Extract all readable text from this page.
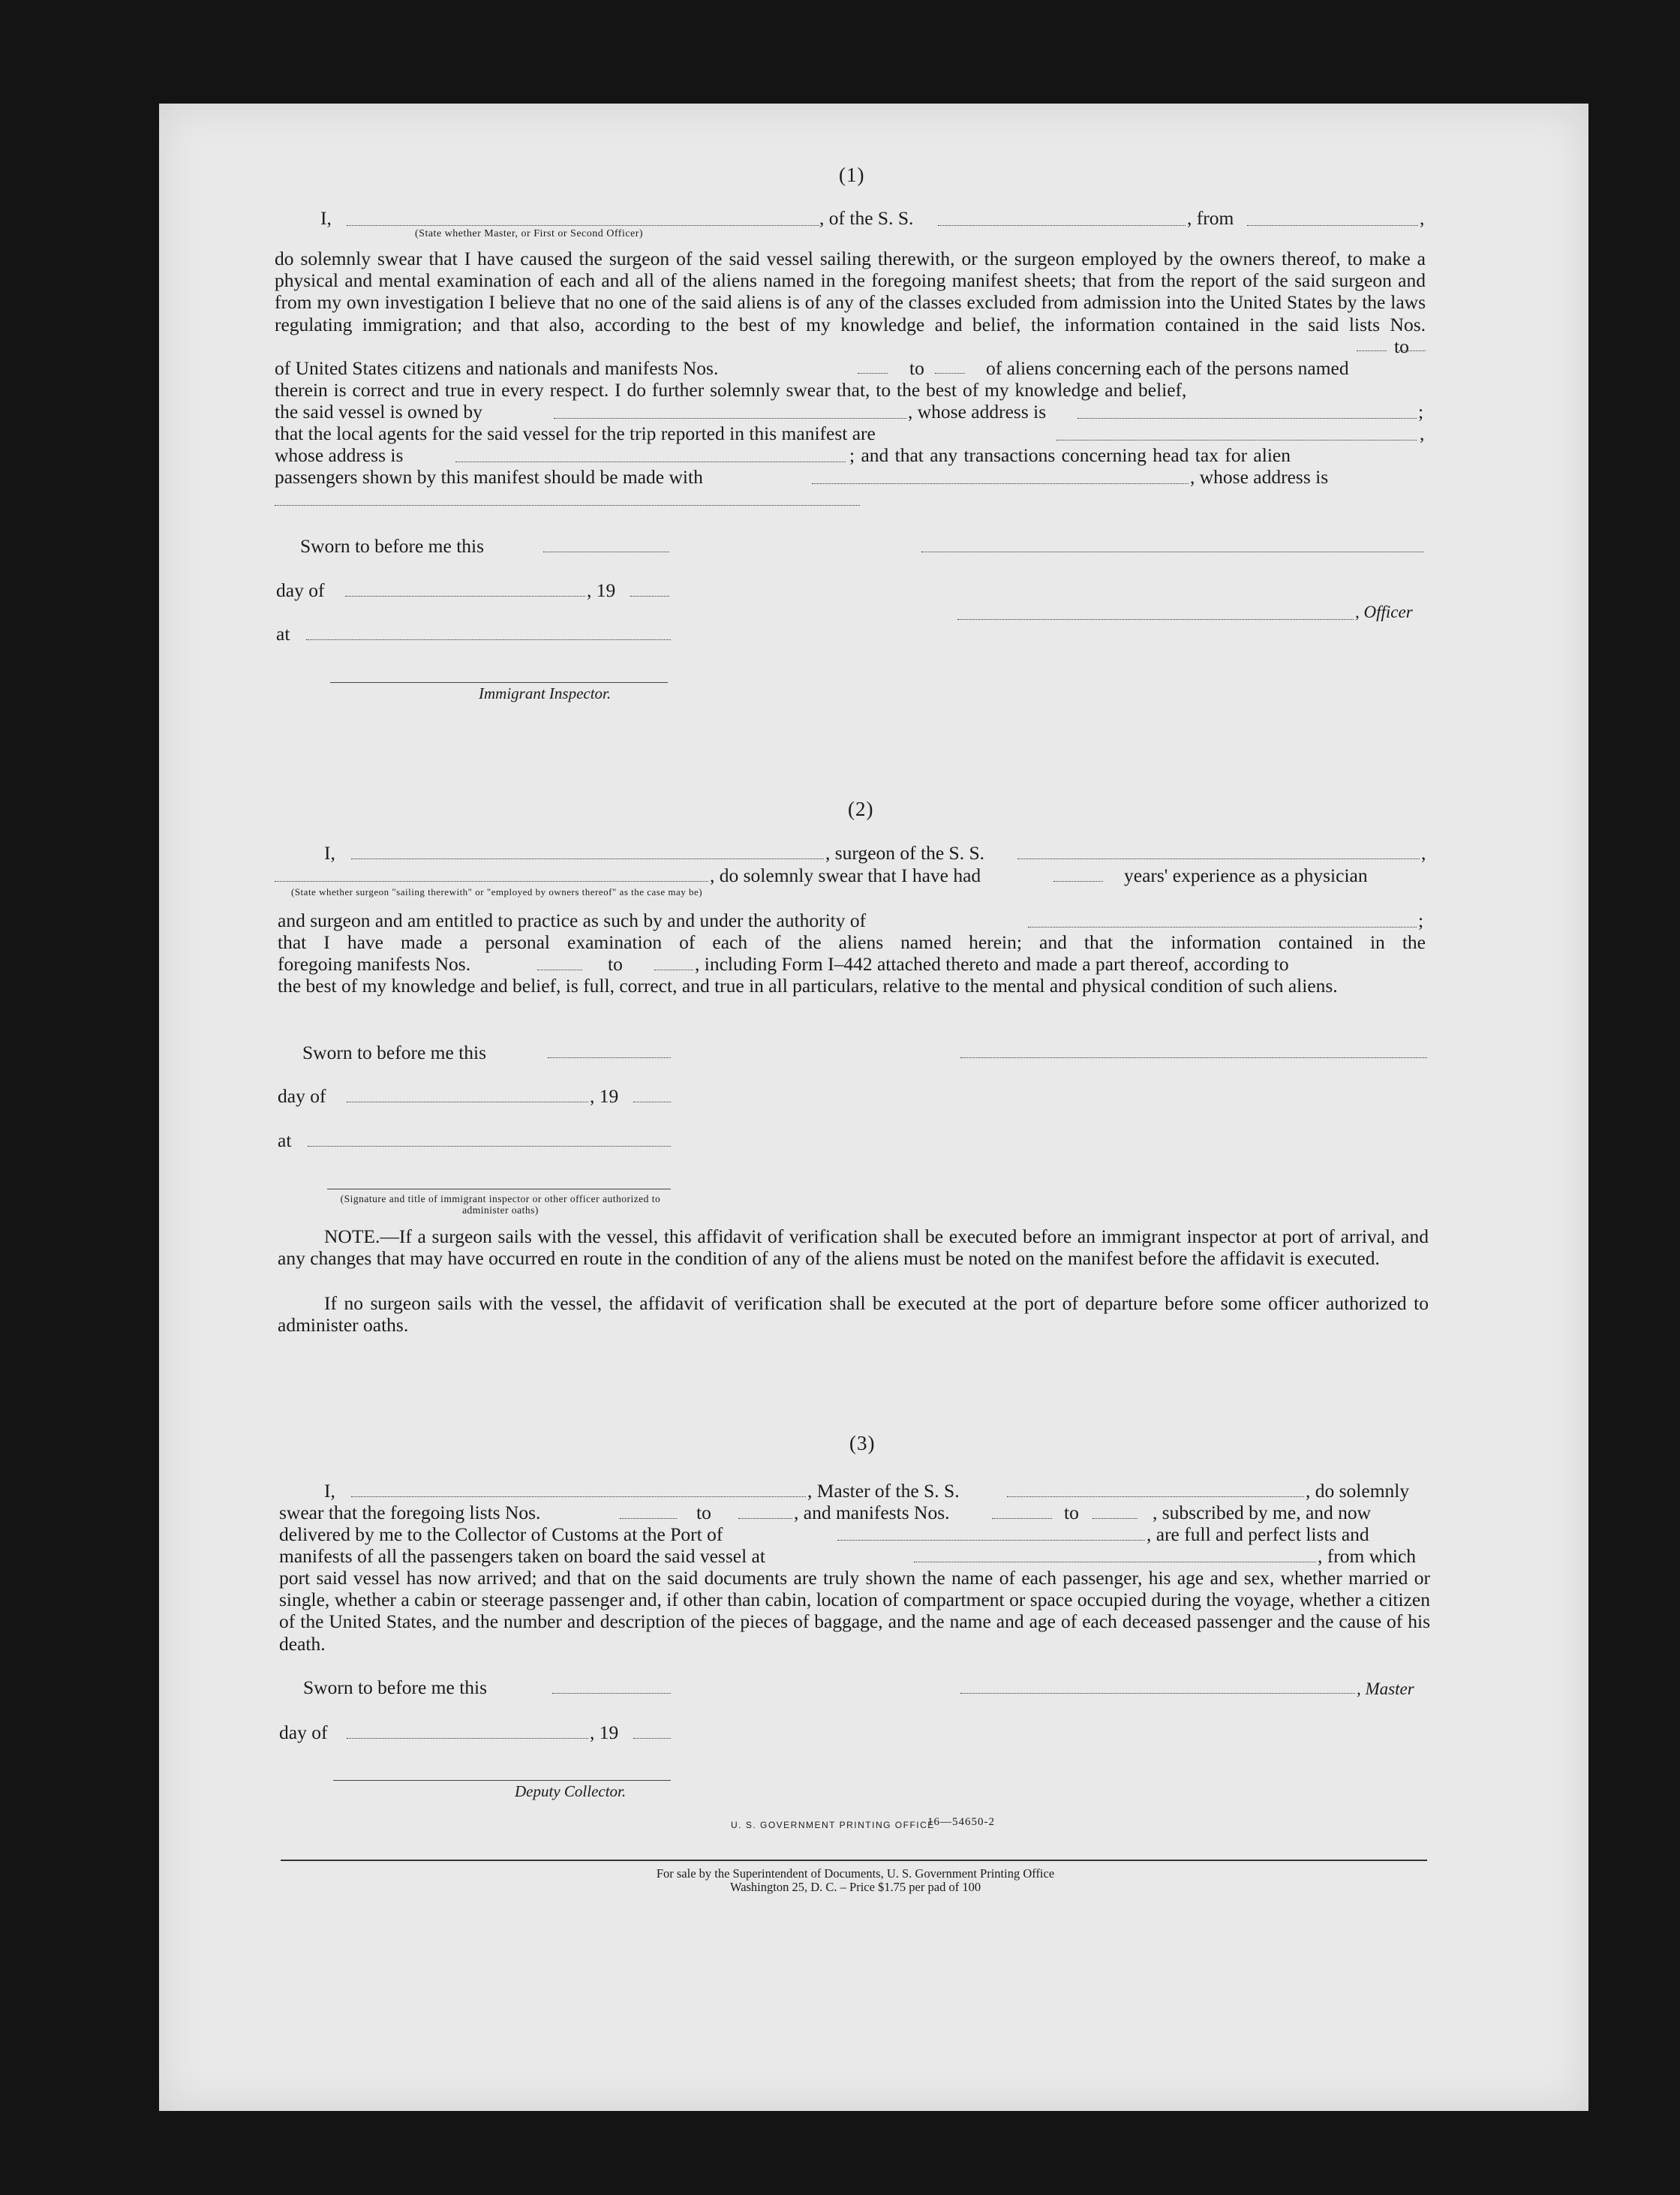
(1)
I,	, of the S. S.	, from	,
(State whether Master, or First or Second Officer)
do solemnly swear that I have caused the surgeon of the said vessel sailing therewith, or the surgeon employed by the owners thereof, to make a physical and mental examination of each and all of the aliens named in the foregoing manifest sheets; that from the report of the said surgeon and from my own investigation I believe that no one of the said aliens is of any of the classes excluded from admission into the United States by the laws regulating immigration; and that also, according to the best of my knowledge and belief, the information contained in the said lists Nos.
to
of United States citizens and nationals and manifests Nos.	to	of aliens concerning each of the persons named
therein is correct and true in every respect. I do further solemnly swear that, to the best of my knowledge and belief,
the said vessel is owned by	, whose address is	;
that the local agents for the said vessel for the trip reported in this manifest are	,
whose address is	; and that any transactions concerning head tax for alien
passengers shown by this manifest should be made with	, whose address is
Sworn to before me this
day of	, 19
, Officer
at
Immigrant Inspector.
(2)
I,	, surgeon of the S. S.	,
, do solemnly swear that I have had	years' experience as a physician
(State whether surgeon "sailing therewith" or "employed by owners thereof" as the case may be)
and surgeon and am entitled to practice as such by and under the authority of	;
that I have made a personal examination of each of the aliens named herein; and that the information contained in the
foregoing manifests Nos.	to	, including Form I–442 attached thereto and made a part thereof, according to
the best of my knowledge and belief, is full, correct, and true in all particulars, relative to the mental and physical condition of such aliens.
Sworn to before me this
day of	, 19
at
(Signature and title of immigrant inspector or other officer authorized to administer oaths)
NOTE.—If a surgeon sails with the vessel, this affidavit of verification shall be executed before an immigrant inspector at port of arrival, and any changes that may have occurred en route in the condition of any of the aliens must be noted on the manifest before the affidavit is executed.
If no surgeon sails with the vessel, the affidavit of verification shall be executed at the port of departure before some officer authorized to administer oaths.
(3)
I,	, Master of the S. S.	, do solemnly
swear that the foregoing lists Nos.	to	, and manifests Nos.	to	, subscribed by me, and now
delivered by me to the Collector of Customs at the Port of	, are full and perfect lists and
manifests of all the passengers taken on board the said vessel at	, from which
port said vessel has now arrived; and that on the said documents are truly shown the name of each passenger, his age and sex, whether married or single, whether a cabin or steerage passenger and, if other than cabin, location of compartment or space occupied during the voyage, whether a citizen of the United States, and the number and description of the pieces of baggage, and the name and age of each deceased passenger and the cause of his death.
Sworn to before me this	, Master
day of	, 19
Deputy Collector.
U. S. GOVERNMENT PRINTING OFFICE
16—54650-2
For sale by the Superintendent of Documents, U. S. Government Printing Office
Washington 25, D. C. – Price $1.75 per pad of 100
